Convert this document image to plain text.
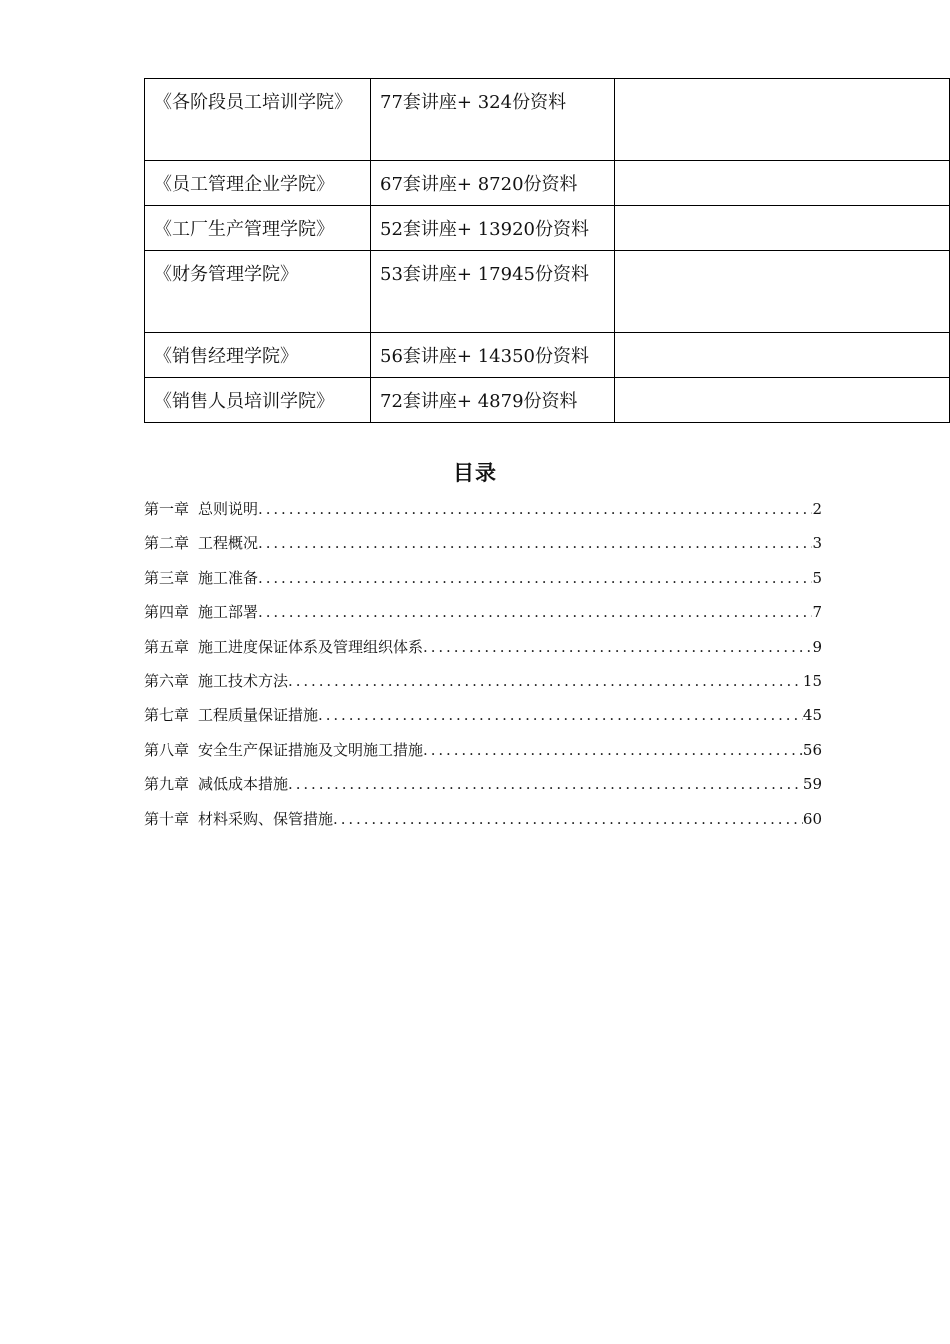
《各阶段员工培训学院》	77套讲座+ 324份资料	
《员工管理企业学院》	67套讲座+ 8720份资料	
《工厂生产管理学院》	52套讲座+ 13920份资料	
《财务管理学院》	53套讲座+ 17945份资料	
《销售经理学院》	56套讲座+ 14350份资料	
《销售人员培训学院》	72套讲座+ 4879份资料	
目录
第一章 总则说明 .....	2
第二章 工程概况 .....	3
第三章 施工准备 .....	5
第四章 施工部署 .....	7
第五章 施工进度保证体系及管理组织体系 .....	9
第六章 施工技术方法 .....	15
第七章 工程质量保证措施 .....	45
第八章 安全生产保证措施及文明施工措施 .....	56
第九章 减低成本措施 .....	59
第十章 材料采购、保管措施 .....	60
